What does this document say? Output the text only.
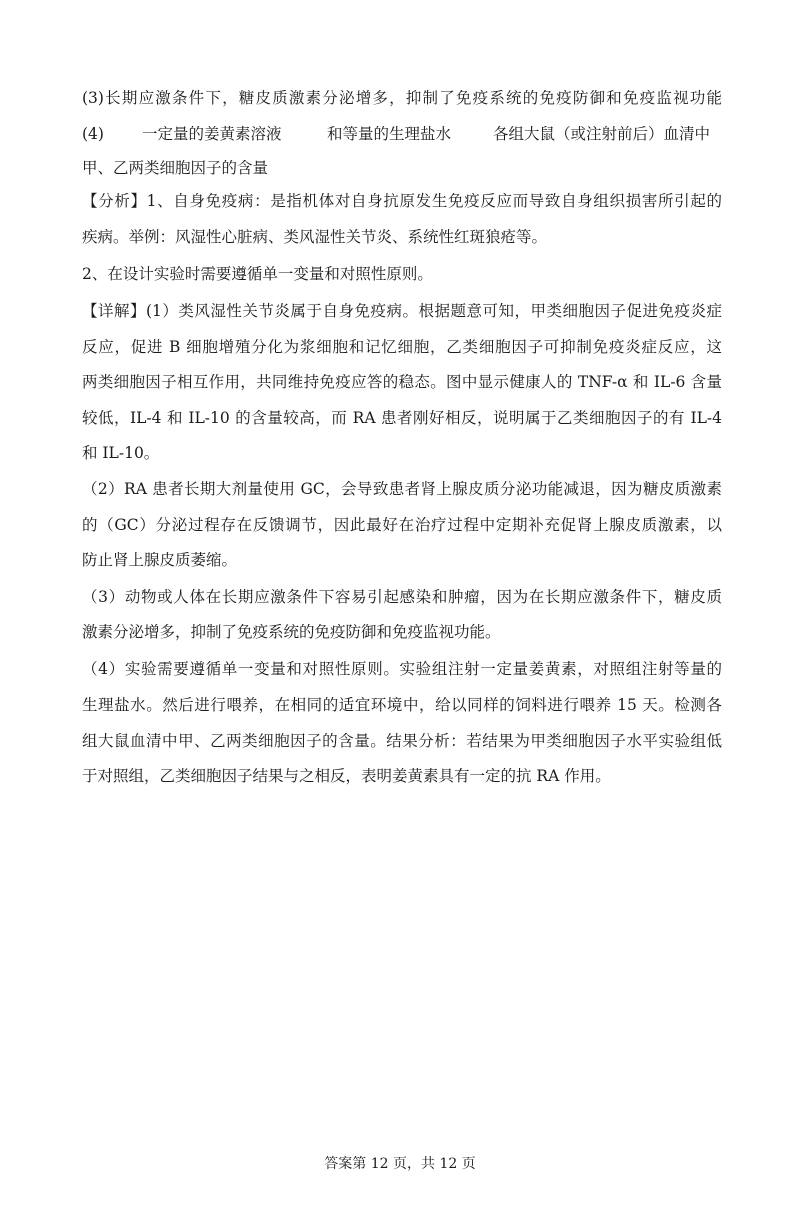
(3)长期应激条件下，糖皮质激素分泌增多，抑制了免疫系统的免疫防御和免疫监视功能
(4) 一定量的姜黄素溶液	和等量的生理盐水	各组大鼠（或注射前后）血清中
甲、乙两类细胞因子的含量
【分析】1、自身免疫病：是指机体对自身抗原发生免疫反应而导致自身组织损害所引起的
疾病。举例：风湿性心脏病、类风湿性关节炎、系统性红斑狼疮等。
2、在设计实验时需要遵循单一变量和对照性原则。
【详解】(1）类风湿性关节炎属于自身免疫病。根据题意可知，甲类细胞因子促进免疫炎症
反应，促进 B 细胞增殖分化为浆细胞和记忆细胞，乙类细胞因子可抑制免疫炎症反应，这
两类细胞因子相互作用，共同维持免疫应答的稳态。图中显示健康人的 TNF-α 和 IL-6 含量
较低，IL-4 和 IL-10 的含量较高，而 RA 患者刚好相反，说明属于乙类细胞因子的有 IL-4
和 IL-10。
（2）RA 患者长期大剂量使用 GC，会导致患者肾上腺皮质分泌功能减退，因为糖皮质激素
的（GC）分泌过程存在反馈调节，因此最好在治疗过程中定期补充促肾上腺皮质激素，以
防止肾上腺皮质萎缩。
（3）动物或人体在长期应激条件下容易引起感染和肿瘤，因为在长期应激条件下，糖皮质
激素分泌增多，抑制了免疫系统的免疫防御和免疫监视功能。
（4）实验需要遵循单一变量和对照性原则。实验组注射一定量姜黄素，对照组注射等量的
生理盐水。然后进行喂养，在相同的适宜环境中，给以同样的饲料进行喂养 15 天。检测各
组大鼠血清中甲、乙两类细胞因子的含量。结果分析：若结果为甲类细胞因子水平实验组低
于对照组，乙类细胞因子结果与之相反，表明姜黄素具有一定的抗 RA 作用。
答案第 12 页，共 12 页
